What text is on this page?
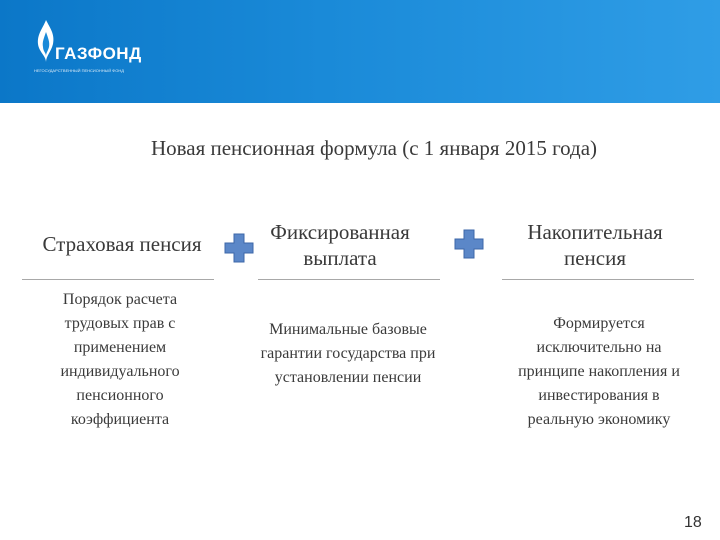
ГАЗФОНД
НЕГОСУДАРСТВЕННЫЙ ПЕНСИОННЫЙ ФОНД
Новая пенсионная формула (с 1 января 2015 года)
Страховая пенсия
Порядок расчета
трудовых прав с
применением
индивидуального
пенсионного
коэффициента
Фиксированная
выплата
Минимальные базовые
гарантии государства при
установлении пенсии
Накопительная
пенсия
Формируется
исключительно на
принципе накопления и
инвестирования в
реальную экономику
18
